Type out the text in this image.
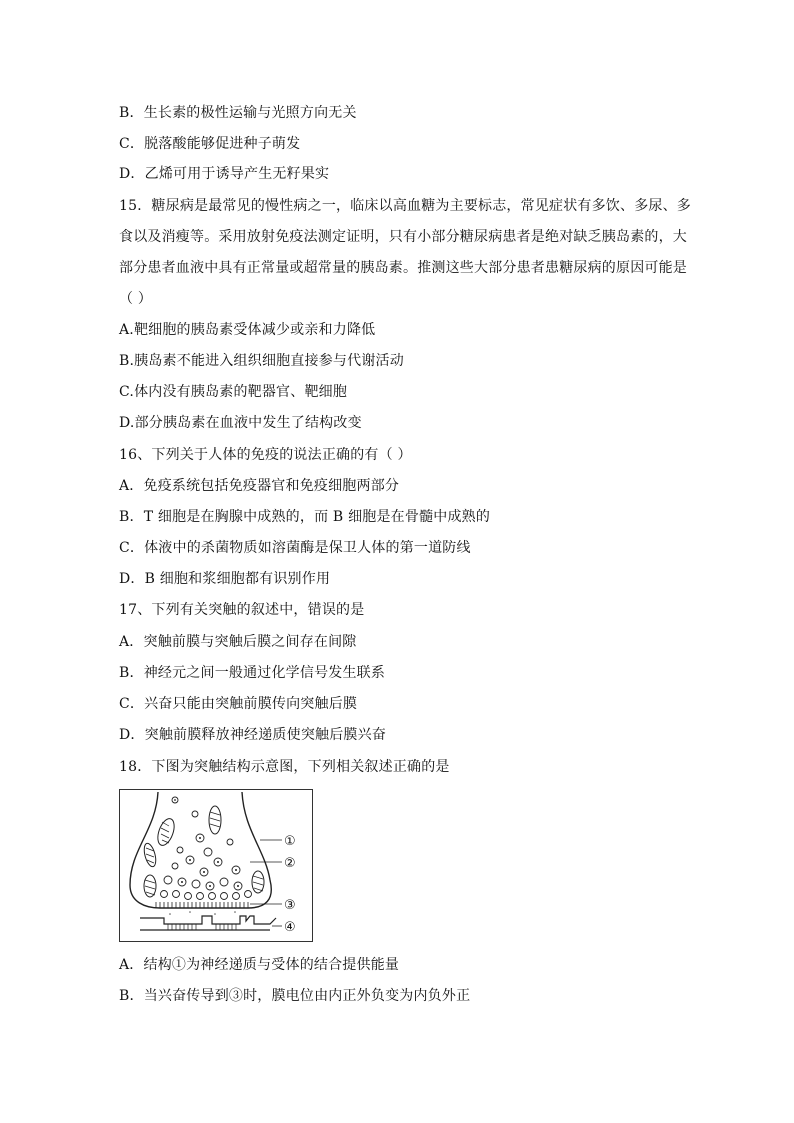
B．生长素的极性运输与光照方向无关
C．脱落酸能够促进种子萌发
D．乙烯可用于诱导产生无籽果实
15．糖尿病是最常见的慢性病之一，临床以高血糖为主要标志，常见症状有多饮、多尿、多
食以及消瘦等。采用放射免疫法测定证明，只有小部分糖尿病患者是绝对缺乏胰岛素的，大
部分患者血液中具有正常量或超常量的胰岛素。推测这些大部分患者患糖尿病的原因可能是
（ ）
A.靶细胞的胰岛素受体减少或亲和力降低
B.胰岛素不能进入组织细胞直接参与代谢活动
C.体内没有胰岛素的靶器官、靶细胞
D.部分胰岛素在血液中发生了结构改变
16、下列关于人体的免疫的说法正确的有（ ）
A．免疫系统包括免疫器官和免疫细胞两部分
B．T 细胞是在胸腺中成熟的，而 B 细胞是在骨髓中成熟的
C．体液中的杀菌物质如溶菌酶是保卫人体的第一道防线
D．B 细胞和浆细胞都有识别作用
17、下列有关突触的叙述中，错误的是
A．突触前膜与突触后膜之间存在间隙
B．神经元之间一般通过化学信号发生联系
C．兴奋只能由突触前膜传向突触后膜
D．突触前膜释放神经递质使突触后膜兴奋
18．下图为突触结构示意图，下列相关叙述正确的是
①
②
③
④
A．结构①为神经递质与受体的结合提供能量
B．当兴奋传导到③时，膜电位由内正外负变为内负外正
